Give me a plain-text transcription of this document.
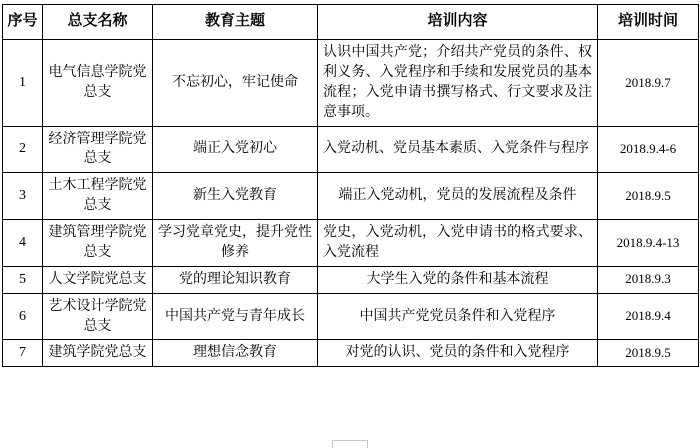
序号	总支名称	教育主题	培训内容	培训时间
1	电气信息学院党总支	不忘初心，牢记使命	认识中国共产党；介绍共产党员的条件、权利义务、入党程序和手续和发展党员的基本流程；入党申请书撰写格式、行文要求及注意事项。	2018.9.7
2	经济管理学院党总支	端正入党初心	入党动机、党员基本素质、入党条件与程序	2018.9.4-6
3	土木工程学院党总支	新生入党教育	端正入党动机，党员的发展流程及条件	2018.9.5
4	建筑管理学院党总支	学习党章党史，提升党性修养	党史，入党动机，入党申请书的格式要求、入党流程	2018.9.4-13
5	人文学院党总支	党的理论知识教育	大学生入党的条件和基本流程	2018.9.3
6	艺术设计学院党总支	中国共产党与青年成长	中国共产党党员条件和入党程序	2018.9.4
7	建筑学院党总支	理想信念教育	对党的认识、党员的条件和入党程序	2018.9.5
